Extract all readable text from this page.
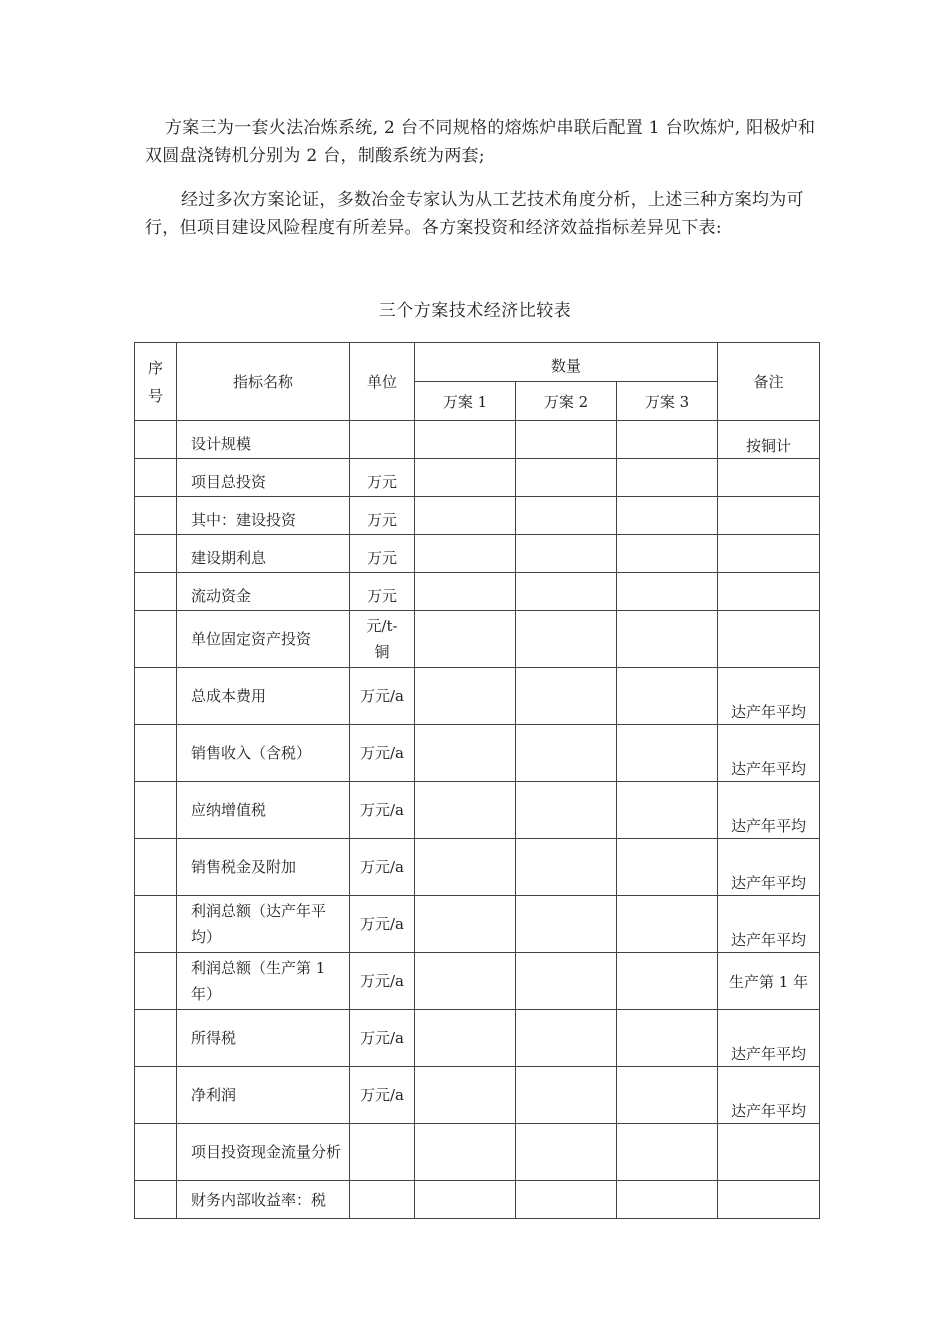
方案三为一套火法冶炼系统, 2 台不同规格的熔炼炉串联后配置 1 台吹炼炉, 阳极炉和双圆盘浇铸机分别为 2 台，制酸系统为两套;

经过多次方案论证，多数冶金专家认为从工艺技术角度分析，上述三种方案均为可行，但项目建设风险程度有所差异。各方案投资和经济效益指标差异见下表:

三个方案技术经济比较表
序号	指标名称	单位	数量			备注
			万案 1	万案 2	万案 3	
	设计规模					按铜计
	项目总投资	万元				
	其中：建设投资	万元				
	建设期利息	万元				
	流动资金	万元				
	单位固定资产投资	元/t-铜				
	总成本费用	万元/a				达产年平均
	销售收入（含税）	万元/a				达产年平均
	应纳增值税	万元/a				达产年平均
	销售税金及附加	万元/a				达产年平均
	利润总额（达产年平均）	万元/a				达产年平均
	利润总额（生产第 1 年）	万元/a				生产第 1 年
	所得税	万元/a				达产年平均
	净利润	万元/a				达产年平均
	项目投资现金流量分析					
	财务内部收益率：税					
